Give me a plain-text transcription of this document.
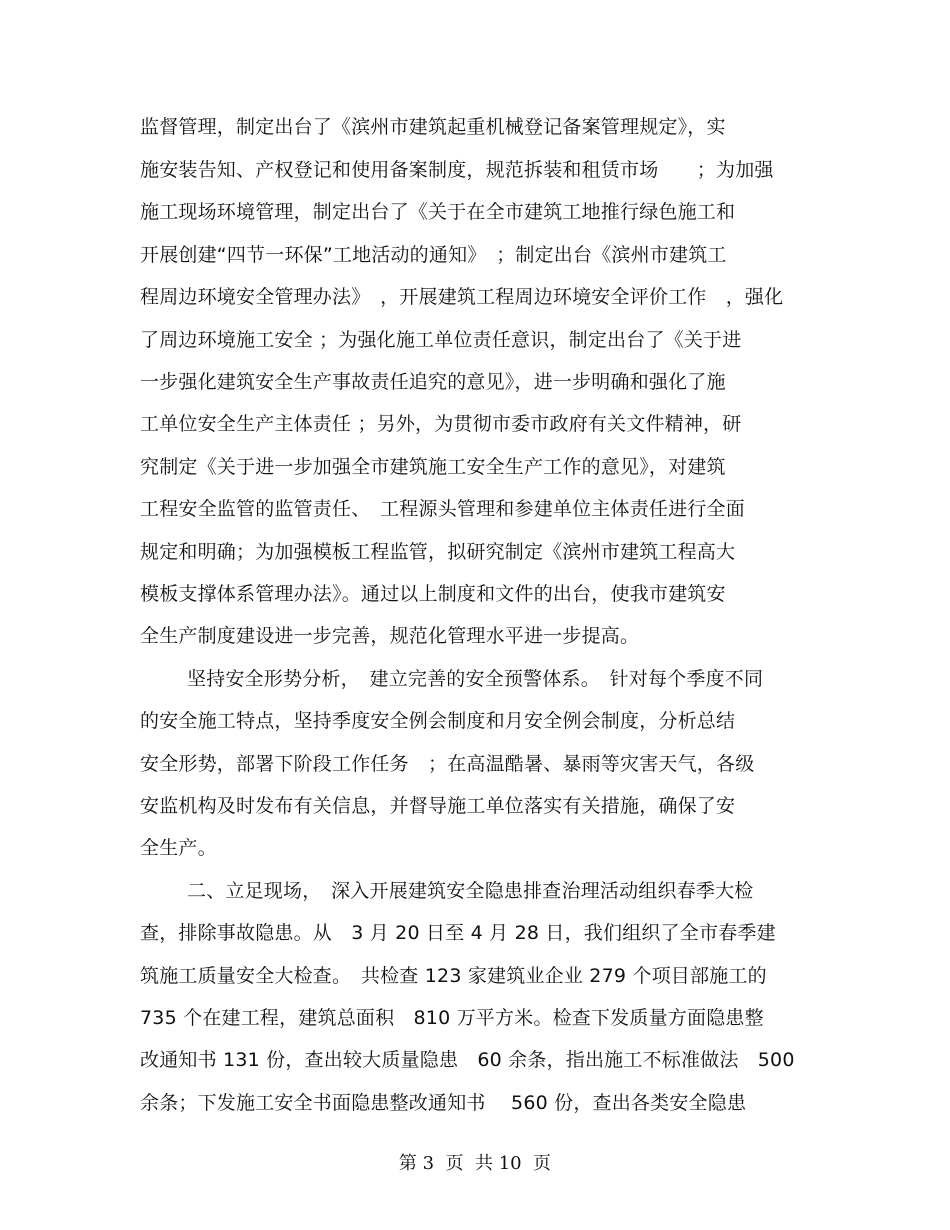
监督管理，制定出台了《滨州市建筑起重机械登记备案管理规定》，实
施安装告知、产权登记和使用备案制度，规范拆装和租赁市场　　；为加强
施工现场环境管理，制定出台了《关于在全市建筑工地推行绿色施工和
开展创建“四节一环保”工地活动的通知》　；制定出台《滨州市建筑工
程周边环境安全管理办法》　，开展建筑工程周边环境安全评价工作　，强化
了周边环境施工安全 ；为强化施工单位责任意识，制定出台了《关于进
一步强化建筑安全生产事故责任追究的意见》，进一步明确和强化了施
工单位安全生产主体责任 ；另外，为贯彻市委市政府有关文件精神，研
究制定《关于进一步加强全市建筑施工安全生产工作的意见》，对建筑
工程安全监管的监管责任、　工程源头管理和参建单位主体责任进行全面
规定和明确；为加强模板工程监管，拟研究制定《滨州市建筑工程高大
模板支撑体系管理办法》。通过以上制度和文件的出台，使我市建筑安
全生产制度建设进一步完善，规范化管理水平进一步提高。
坚持安全形势分析，　建立完善的安全预警体系。　针对每个季度不同
的安全施工特点，坚持季度安全例会制度和月安全例会制度，分析总结
安全形势，部署下阶段工作任务　；在高温酷暑、暴雨等灾害天气，各级
安监机构及时发布有关信息，并督导施工单位落实有关措施，确保了安
全生产。
二、立足现场，　深入开展建筑安全隐患排查治理活动组织春季大检
查，排除事故隐患。从　3 月 20 日至 4 月 28 日，我们组织了全市春季建
筑施工质量安全大检查。　共检查 123 家建筑业企业 279 个项目部施工的
735 个在建工程，建筑总面积　810 万平方米。检查下发质量方面隐患整
改通知书 131 份，查出较大质量隐患　60 余条，指出施工不标准做法　500
余条；下发施工安全书面隐患整改通知书　 560 份，查出各类安全隐患
第 3  页  共 10  页
